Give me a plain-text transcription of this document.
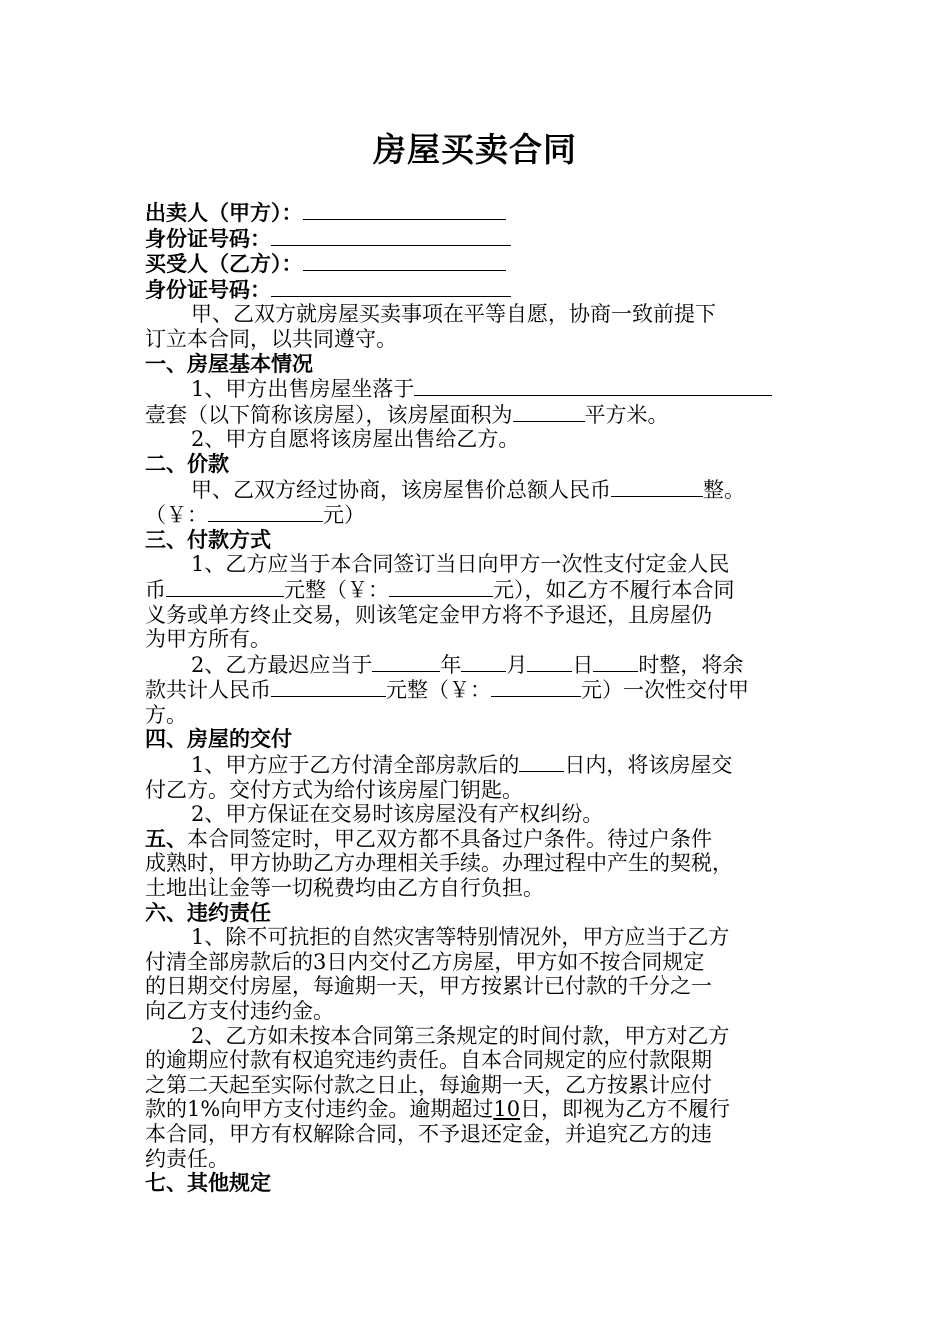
房屋买卖合同

出卖人（甲方）：

身份证号码：

买受人（乙方）：

身份证号码：

甲、乙双方就房屋买卖事项在平等自愿，协商一致前提下

订立本合同，以共同遵守。

一、房屋基本情况

1、甲方出售房屋坐落于

壹套（以下简称该房屋），该房屋面积为	平方米。

2、甲方自愿将该房屋出售给乙方。

二、价款

甲、乙双方经过协商，该房屋售价总额人民币	整。

（￥：	元）

三、付款方式

1、乙方应当于本合同签订当日向甲方一次性支付定金人民

币	元整（￥：	元），如乙方不履行本合同

义务或单方终止交易，则该笔定金甲方将不予退还，且房屋仍

为甲方所有。

2、乙方最迟应当于	年 月 日 时整，将余

款共计人民币	元整（￥：	元）一次性交付甲

方。

四、房屋的交付

1、甲方应于乙方付清全部房款后的 日内，将该房屋交

付乙方。交付方式为给付该房屋门钥匙。

2、甲方保证在交易时该房屋没有产权纠纷。

五、本合同签定时，甲乙双方都不具备过户条件。待过户条件

成熟时，甲方协助乙方办理相关手续。办理过程中产生的契税，

土地出让金等一切税费均由乙方自行负担。

六、违约责任

1、除不可抗拒的自然灾害等特别情况外，甲方应当于乙方

付清全部房款后的3日内交付乙方房屋，甲方如不按合同规定

的日期交付房屋，每逾期一天，甲方按累计已付款的千分之一

向乙方支付违约金。

2、乙方如未按本合同第三条规定的时间付款，甲方对乙方

的逾期应付款有权追究违约责任。自本合同规定的应付款限期

之第二天起至实际付款之日止，每逾期一天，乙方按累计应付

款的1%向甲方支付违约金。逾期超过10日，即视为乙方不履行

本合同，甲方有权解除合同，不予退还定金，并追究乙方的违

约责任。

七、其他规定
